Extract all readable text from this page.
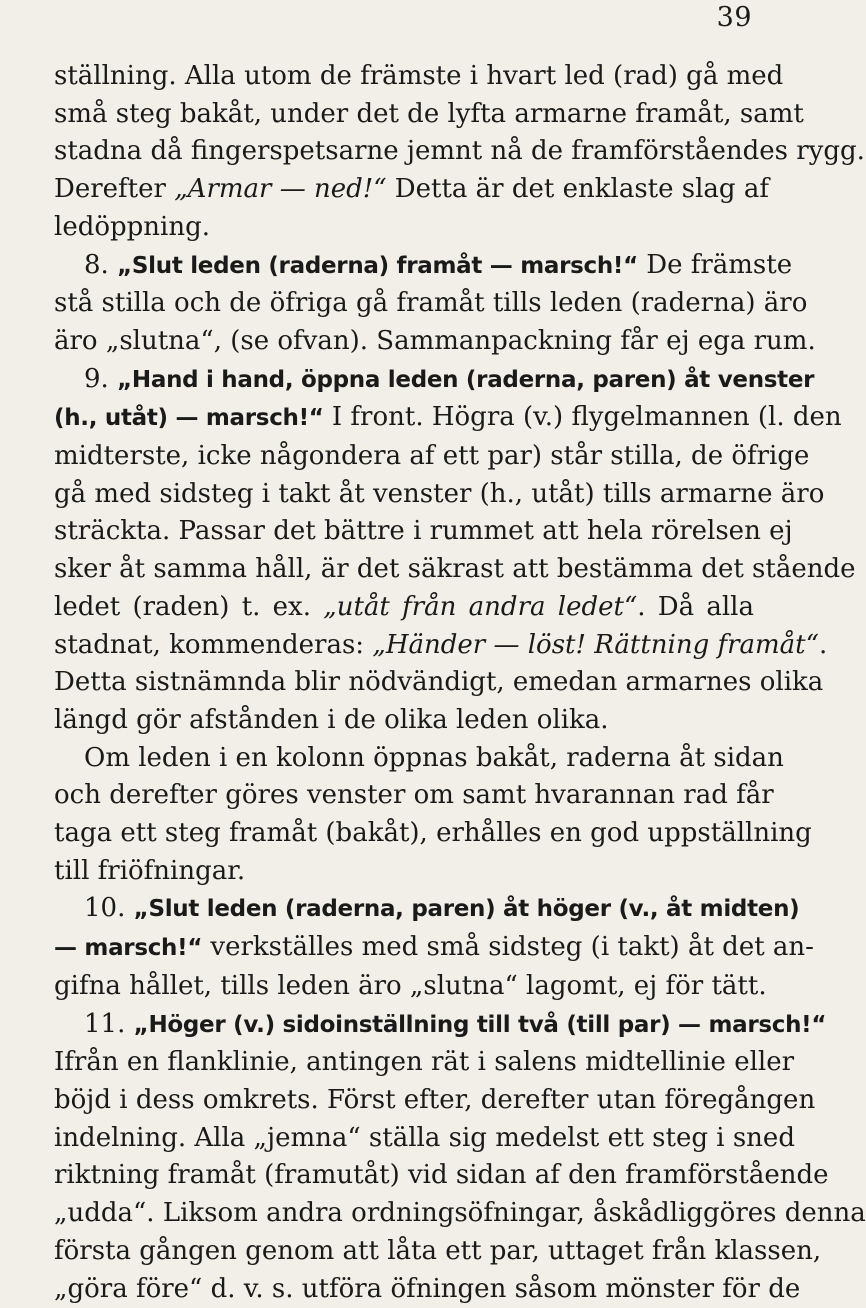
39
ställning. Alla utom de främste i hvart led (rad) gå med
små steg bakåt, under det de lyfta armarne framåt, samt
stadna då fingerspetsarne jemnt nå de framförståendes rygg.
Derefter „Armar — ned!“ Detta är det enklaste slag af
ledöppning.
8. „Slut leden (raderna) framåt — marsch!“ De främste
stå stilla och de öfriga gå framåt tills leden (raderna) äro
äro „slutna“, (se ofvan). Sammanpackning får ej ega rum.
9. „Hand i hand, öppna leden (raderna, paren) åt venster
(h., utåt) — marsch!“ I front. Högra (v.) flygelmannen (l. den
midterste, icke någondera af ett par) står stilla, de öfrige
gå med sidsteg i takt åt venster (h., utåt) tills armarne äro
sträckta. Passar det bättre i rummet att hela rörelsen ej
sker åt samma håll, är det säkrast att bestämma det stående
ledet (raden) t. ex. „utåt från andra ledet“. Då alla
stadnat, kommenderas: „Händer — löst! Rättning framåt“.
Detta sistnämnda blir nödvändigt, emedan armarnes olika
längd gör afstånden i de olika leden olika.
Om leden i en kolonn öppnas bakåt, raderna åt sidan
och derefter göres venster om samt hvarannan rad får
taga ett steg framåt (bakåt), erhålles en god uppställning
till friöfningar.
10. „Slut leden (raderna, paren) åt höger (v., åt midten)
— marsch!“ verkställes med små sidsteg (i takt) åt det an-
gifna hållet, tills leden äro „slutna“ lagomt, ej för tätt.
11. „Höger (v.) sidoinställning till två (till par) — marsch!“
Ifrån en flanklinie, antingen rät i salens midtellinie eller
böjd i dess omkrets. Först efter, derefter utan föregången
indelning. Alla „jemna“ ställa sig medelst ett steg i sned
riktning framåt (framutåt) vid sidan af den framförstående
„udda“. Liksom andra ordningsöfningar, åskådliggöres denna
första gången genom att låta ett par, uttaget från klassen,
„göra före“ d. v. s. utföra öfningen såsom mönster för de
